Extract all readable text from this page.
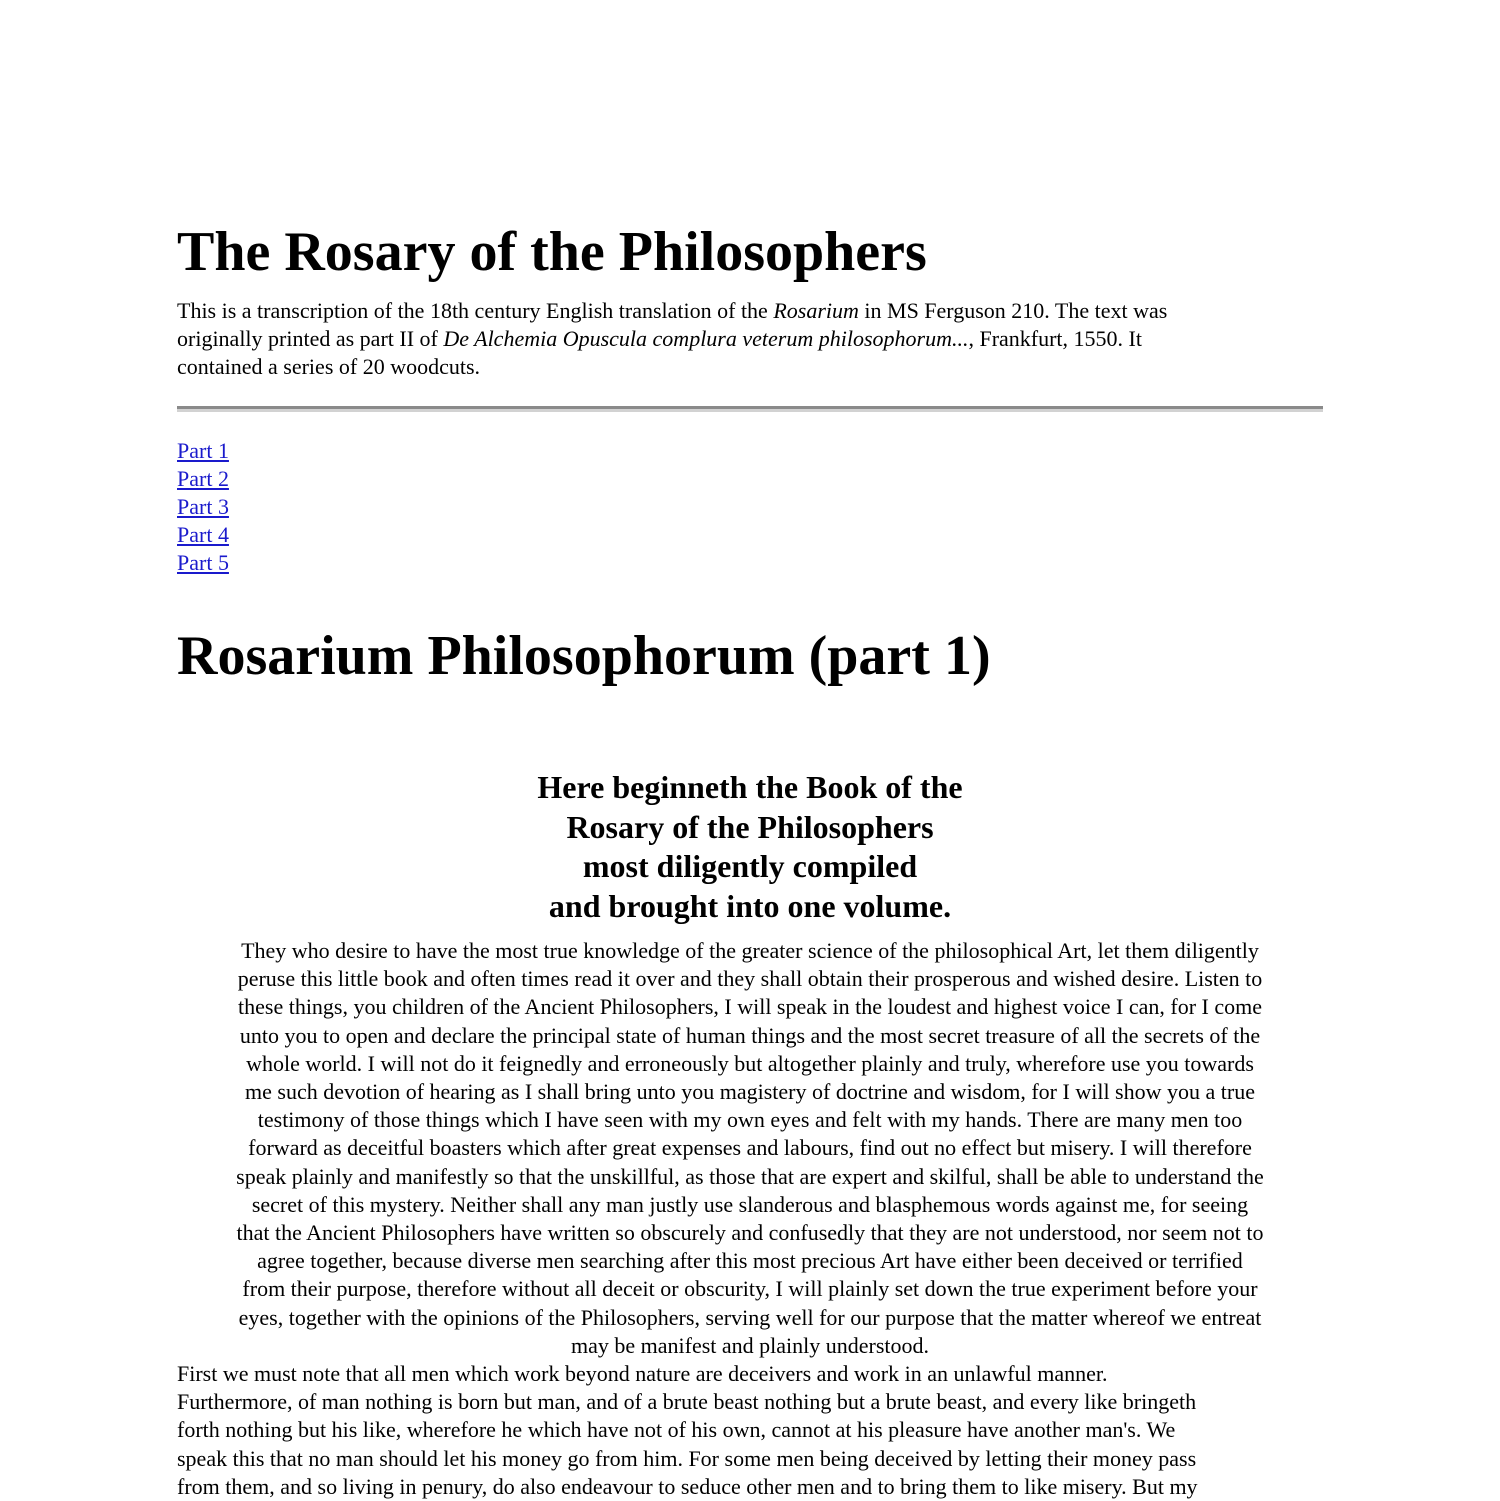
The Rosary of the Philosophers
This is a transcription of the 18th century English translation of the Rosarium in MS Ferguson 210. The text was
originally printed as part II of De Alchemia Opuscula complura veterum philosophorum..., Frankfurt, 1550. It
contained a series of 20 woodcuts.
Part 1
Part 2
Part 3
Part 4
Part 5
Rosarium Philosophorum (part 1)
Here beginneth the Book of the
Rosary of the Philosophers
most diligently compiled
and brought into one volume.
They who desire to have the most true knowledge of the greater science of the philosophical Art, let them diligently
peruse this little book and often times read it over and they shall obtain their prosperous and wished desire. Listen to
these things, you children of the Ancient Philosophers, I will speak in the loudest and highest voice I can, for I come
unto you to open and declare the principal state of human things and the most secret treasure of all the secrets of the
whole world. I will not do it feignedly and erroneously but altogether plainly and truly, wherefore use you towards
me such devotion of hearing as I shall bring unto you magistery of doctrine and wisdom, for I will show you a true
testimony of those things which I have seen with my own eyes and felt with my hands. There are many men too
forward as deceitful boasters which after great expenses and labours, find out no effect but misery. I will therefore
speak plainly and manifestly so that the unskillful, as those that are expert and skilful, shall be able to understand the
secret of this mystery. Neither shall any man justly use slanderous and blasphemous words against me, for seeing
that the Ancient Philosophers have written so obscurely and confusedly that they are not understood, nor seem not to
agree together, because diverse men searching after this most precious Art have either been deceived or terrified
from their purpose, therefore without all deceit or obscurity, I will plainly set down the true experiment before your
eyes, together with the opinions of the Philosophers, serving well for our purpose that the matter whereof we entreat
may be manifest and plainly understood.
First we must note that all men which work beyond nature are deceivers and work in an unlawful manner.
Furthermore, of man nothing is born but man, and of a brute beast nothing but a brute beast, and every like bringeth
forth nothing but his like, wherefore he which have not of his own, cannot at his pleasure have another man's. We
speak this that no man should let his money go from him. For some men being deceived by letting their money pass
from them, and so living in penury, do also endeavour to seduce other men and to bring them to like misery. But my
